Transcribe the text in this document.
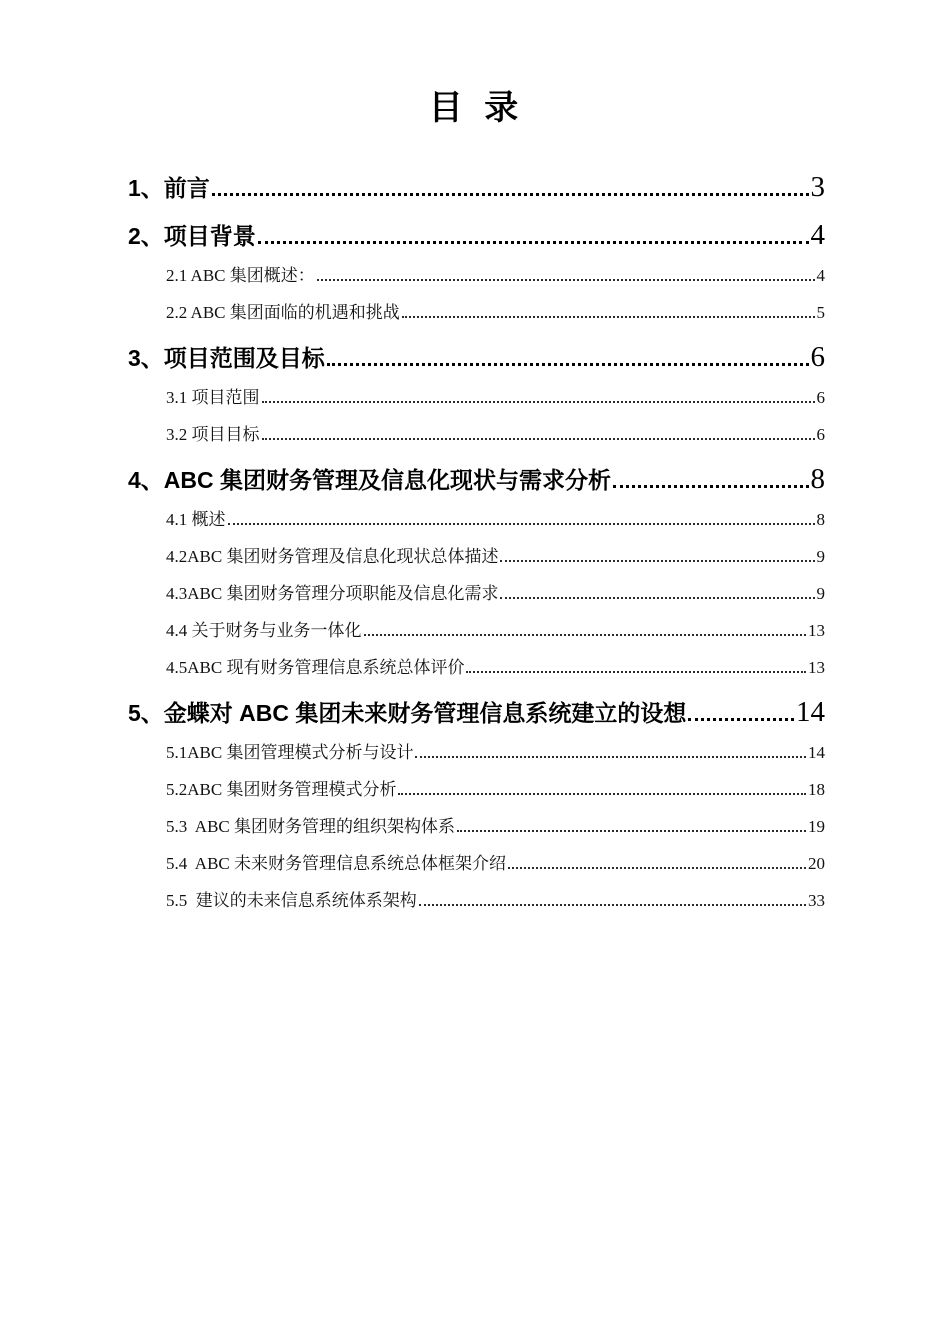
目 录
1、前言	3
2、项目背景	4
2.1 ABC 集团概述：	4
2.2 ABC 集团面临的机遇和挑战	5
3、项目范围及目标	6
3.1 项目范围	6
3.2 项目目标	6
4、ABC 集团财务管理及信息化现状与需求分析	8
4.1 概述	8
4.2ABC 集团财务管理及信息化现状总体描述	9
4.3ABC 集团财务管理分项职能及信息化需求	9
4.4 关于财务与业务一体化	13
4.5ABC 现有财务管理信息系统总体评价	13
5、金蝶对 ABC 集团未来财务管理信息系统建立的设想	14
5.1ABC 集团管理模式分析与设计	14
5.2ABC 集团财务管理模式分析	18
5.3  ABC 集团财务管理的组织架构体系	19
5.4  ABC 未来财务管理信息系统总体框架介绍	20
5.5  建议的未来信息系统体系架构	33
